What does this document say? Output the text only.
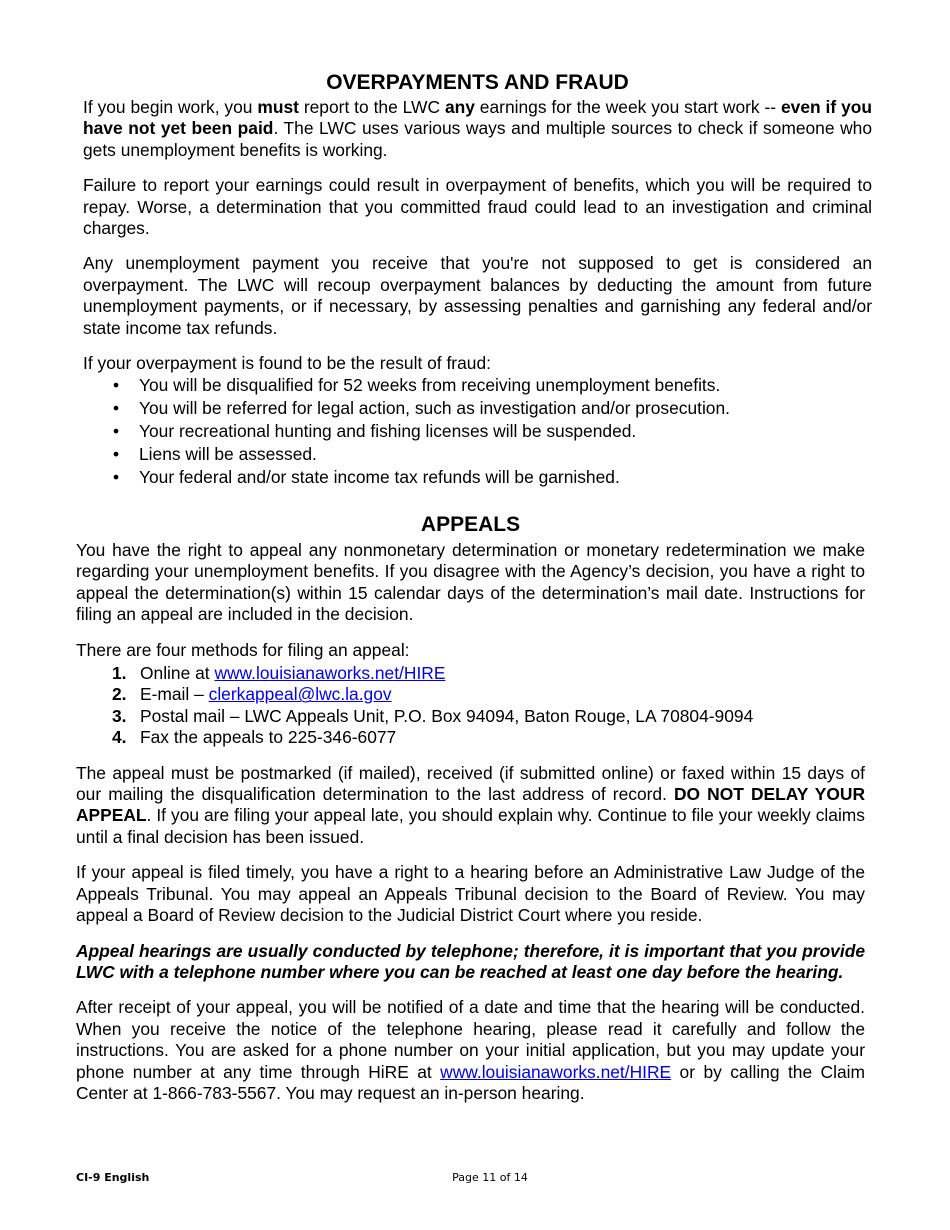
OVERPAYMENTS AND FRAUD

If you begin work, you must report to the LWC any earnings for the week you start work -- even if you have not yet been paid. The LWC uses various ways and multiple sources to check if someone who gets unemployment benefits is working.

Failure to report your earnings could result in overpayment of benefits, which you will be required to repay. Worse, a determination that you committed fraud could lead to an investigation and criminal charges.

Any unemployment payment you receive that you're not supposed to get is considered an overpayment. The LWC will recoup overpayment balances by deducting the amount from future unemployment payments, or if necessary, by assessing penalties and garnishing any federal and/or state income tax refunds.

If your overpayment is found to be the result of fraud:

• You will be disqualified for 52 weeks from receiving unemployment benefits.
• You will be referred for legal action, such as investigation and/or prosecution.
• Your recreational hunting and fishing licenses will be suspended.
• Liens will be assessed.
• Your federal and/or state income tax refunds will be garnished.
APPEALS

You have the right to appeal any nonmonetary determination or monetary redetermination we make regarding your unemployment benefits. If you disagree with the Agency’s decision, you have a right to appeal the determination(s) within 15 calendar days of the determination’s mail date. Instructions for filing an appeal are included in the decision.

There are four methods for filing an appeal:

1. Online at www.louisianaworks.net/HIRE
2. E-mail – clerkappeal@lwc.la.gov
3. Postal mail – LWC Appeals Unit, P.O. Box 94094, Baton Rouge, LA 70804-9094
4. Fax the appeals to 225-346-6077

The appeal must be postmarked (if mailed), received (if submitted online) or faxed within 15 days of our mailing the disqualification determination to the last address of record. DO NOT DELAY YOUR APPEAL. If you are filing your appeal late, you should explain why. Continue to file your weekly claims until a final decision has been issued.

If your appeal is filed timely, you have a right to a hearing before an Administrative Law Judge of the Appeals Tribunal. You may appeal an Appeals Tribunal decision to the Board of Review. You may appeal a Board of Review decision to the Judicial District Court where you reside.

Appeal hearings are usually conducted by telephone; therefore, it is important that you provide LWC with a telephone number where you can be reached at least one day before the hearing.

After receipt of your appeal, you will be notified of a date and time that the hearing will be conducted. When you receive the notice of the telephone hearing, please read it carefully and follow the instructions. You are asked for a phone number on your initial application, but you may update your phone number at any time through HiRE at www.louisianaworks.net/HIRE or by calling the Claim Center at 1-866-783-5567. You may request an in-person hearing.

CI-9 English	Page 11 of 14
